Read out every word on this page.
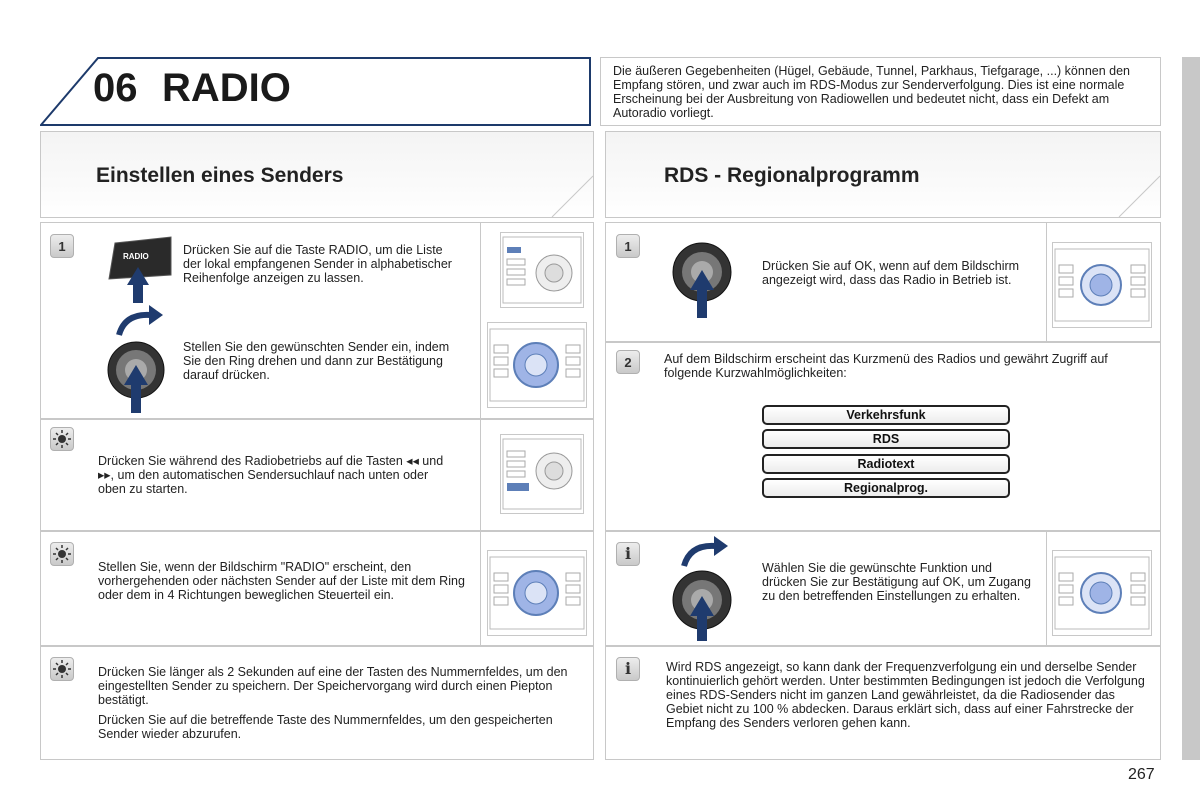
06 RADIO	Die äußeren Gegebenheiten (Hügel, Gebäude, Tunnel, Parkhaus, Tiefgarage, ...) können den Empfang stören, und zwar auch im RDS-Modus zur Senderverfolgung. Dies ist eine normale Erscheinung bei der Ausbreitung von Radiowellen und bedeutet nicht, dass ein Defekt am Autoradio vorliegt.
Einstellen eines Senders
1
RADIO	Drücken Sie auf die Taste RADIO, um die Liste der lokal empfangenen Sender in alphabetischer Reihenfolge anzeigen zu lassen.
Stellen Sie den gewünschten Sender ein, indem Sie den Ring drehen und dann zur Bestätigung darauf drücken.
Drücken Sie während des Radiobetriebs auf die Tasten ◂◂ und ▸▸, um den automatischen Sendersuchlauf nach unten oder oben zu starten.
Stellen Sie, wenn der Bildschirm "RADIO" erscheint, den vorhergehenden oder nächsten Sender auf der Liste mit dem Ring oder dem in 4 Richtungen beweglichen Steuerteil ein.

Drücken Sie länger als 2 Sekunden auf eine der Tasten des Nummernfeldes, um den eingestellten Sender zu speichern. Der Speichervorgang wird durch einen Piepton bestätigt.

Drücken Sie auf die betreffende Taste des Nummernfeldes, um den gespeicherten Sender wieder abzurufen.

RDS - Regionalprogramm
1
Drücken Sie auf OK, wenn auf dem Bildschirm angezeigt wird, dass das Radio in Betrieb ist.
2	Auf dem Bildschirm erscheint das Kurzmenü des Radios und gewährt Zugriff auf folgende Kurzwahlmöglichkeiten:
Verkehrsfunk
RDS
Radiotext
Regionalprog.
i
Wählen Sie die gewünschte Funktion und drücken Sie zur Bestätigung auf OK, um Zugang zu den betreffenden Einstellungen zu erhalten.
i	Wird RDS angezeigt, so kann dank der Frequenzverfolgung ein und derselbe Sender kontinuierlich gehört werden. Unter bestimmten Bedingungen ist jedoch die Verfolgung eines RDS-Senders nicht im ganzen Land gewährleistet, da die Radiosender das Gebiet nicht zu 100 % abdecken. Daraus erklärt sich, dass auf einer Fahrstrecke der Empfang des Senders verloren gehen kann.
267
